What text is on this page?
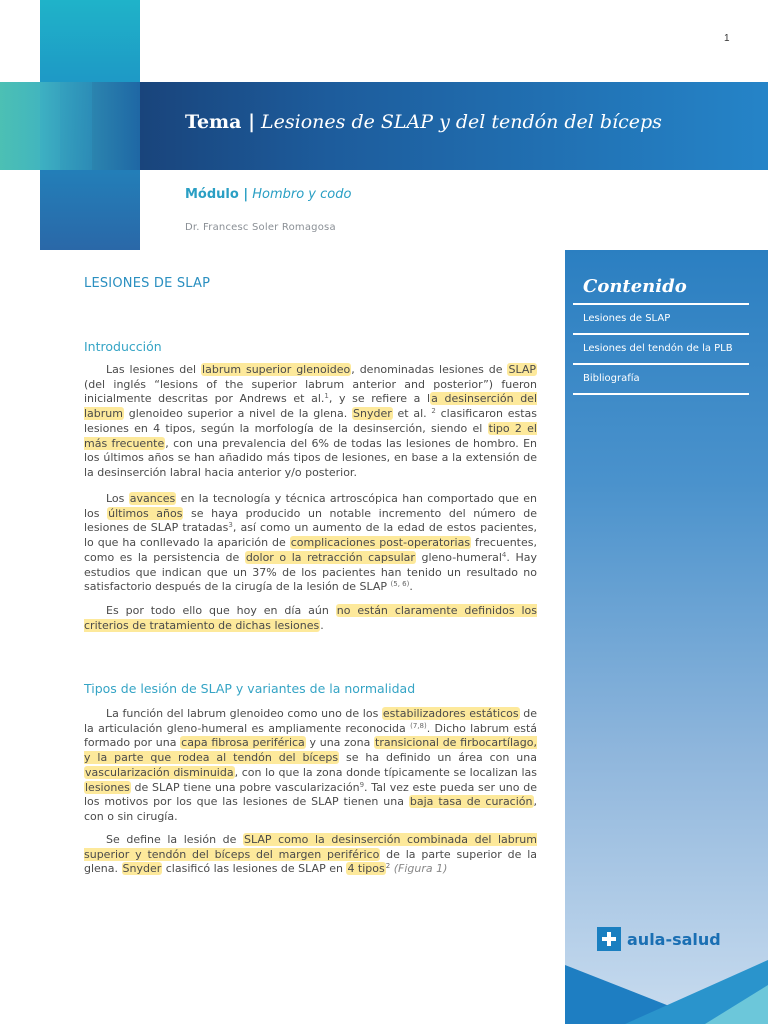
1
Tema | Lesiones de SLAP y del tendón del bíceps
Módulo | Hombro y codo
Dr. Francesc Soler Romagosa
Contenido
Lesiones de SLAP
Lesiones del tendón de la PLB
Bibliografía
aula-salud
LESIONES DE SLAP
Introducción

Las lesiones del labrum superior glenoideo, denominadas lesiones de SLAP (del inglés “lesions of the superior labrum anterior and posterior”) fueron inicialmente descritas por Andrews et al.$^1$, y se refiere a la desinserción del labrum glenoideo superior a nivel de la glena. Snyder et al. $^2$ clasificaron estas lesiones en 4 tipos, según la morfología de la desinserción, siendo el tipo 2 el más frecuente, con una prevalencia del 6% de todas las lesiones de hombro. En los últimos años se han añadido más tipos de lesiones, en base a la extensión de la desinserción labral hacia anterior y/o posterior.

Los avances en la tecnología y técnica artroscópica han comportado que en los últimos años se haya producido un notable incremento del número de lesiones de SLAP tratadas$^3$, así como un aumento de la edad de estos pacientes, lo que ha conllevado la aparición de complicaciones post-operatorias frecuentes, como es la persistencia de dolor o la retracción capsular gleno-humeral$^4$. Hay estudios que indican que un 37% de los pacientes han tenido un resultado no satisfactorio después de la cirugía de la lesión de SLAP $^{(5, 6)}$.

Es por todo ello que hoy en día aún no están claramente definidos los criterios de tratamiento de dichas lesiones.

Tipos de lesión de SLAP y variantes de la normalidad

La función del labrum glenoideo como uno de los estabilizadores estáticos de la articulación gleno-humeral es ampliamente reconocida $^{(7,8)}$. Dicho labrum está formado por una capa fibrosa periférica y una zona transicional de firbocartílago, y la parte que rodea al tendón del bíceps se ha definido un área con una vascularización disminuida, con lo que la zona donde típicamente se localizan las lesiones de SLAP tiene una pobre vascularización$^9$. Tal vez este pueda ser uno de los motivos por los que las lesiones de SLAP tienen una baja tasa de curación, con o sin cirugía.

Se define la lesión de SLAP como la desinserción combinada del labrum superior y tendón del bíceps del margen periférico de la parte superior de la glena. Snyder clasificó las lesiones de SLAP en 4 tipos$^2$ (Figura 1)
